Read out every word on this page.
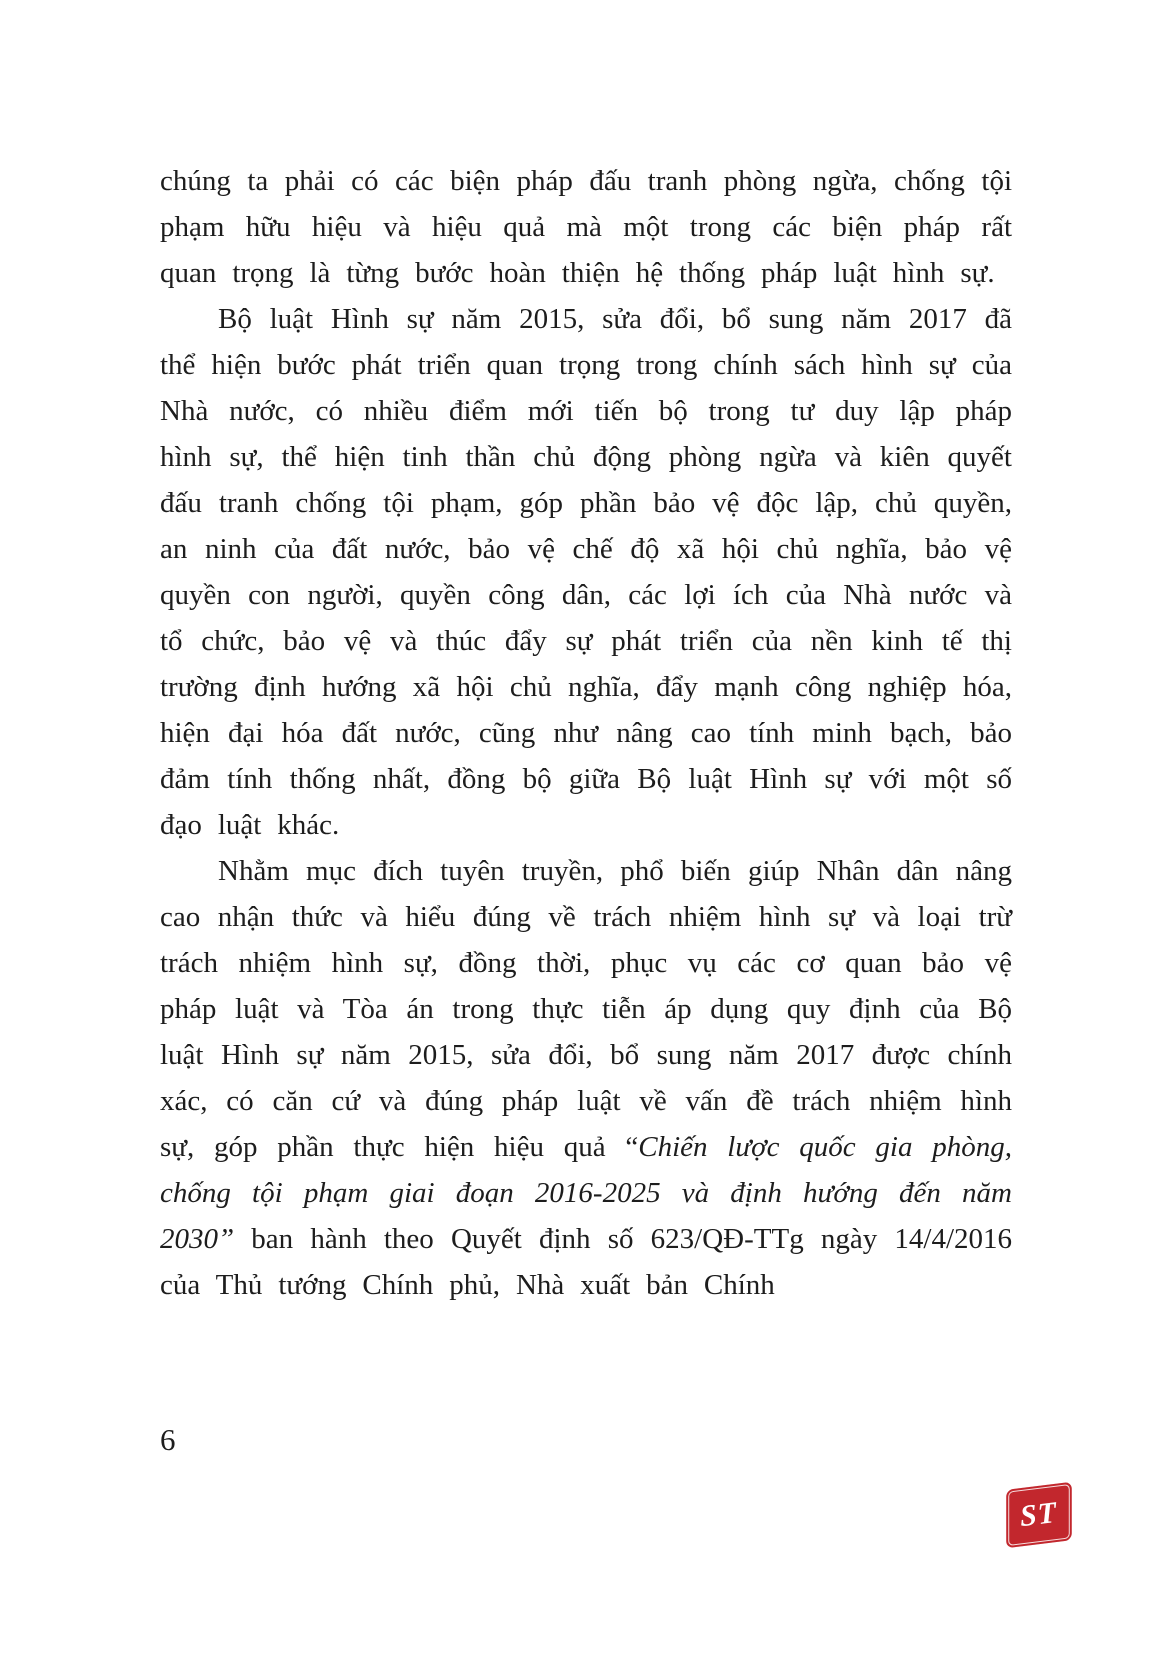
chúng ta phải có các biện pháp đấu tranh phòng ngừa, chống tội phạm hữu hiệu và hiệu quả mà một trong các biện pháp rất quan trọng là từng bước hoàn thiện hệ thống pháp luật hình sự.

Bộ luật Hình sự năm 2015, sửa đổi, bổ sung năm 2017 đã thể hiện bước phát triển quan trọng trong chính sách hình sự của Nhà nước, có nhiều điểm mới tiến bộ trong tư duy lập pháp hình sự, thể hiện tinh thần chủ động phòng ngừa và kiên quyết đấu tranh chống tội phạm, góp phần bảo vệ độc lập, chủ quyền, an ninh của đất nước, bảo vệ chế độ xã hội chủ nghĩa, bảo vệ quyền con người, quyền công dân, các lợi ích của Nhà nước và tổ chức, bảo vệ và thúc đẩy sự phát triển của nền kinh tế thị trường định hướng xã hội chủ nghĩa, đẩy mạnh công nghiệp hóa, hiện đại hóa đất nước, cũng như nâng cao tính minh bạch, bảo đảm tính thống nhất, đồng bộ giữa Bộ luật Hình sự với một số đạo luật khác.

Nhằm mục đích tuyên truyền, phổ biến giúp Nhân dân nâng cao nhận thức và hiểu đúng về trách nhiệm hình sự và loại trừ trách nhiệm hình sự, đồng thời, phục vụ các cơ quan bảo vệ pháp luật và Tòa án trong thực tiễn áp dụng quy định của Bộ luật Hình sự năm 2015, sửa đổi, bổ sung năm 2017 được chính xác, có căn cứ và đúng pháp luật về vấn đề trách nhiệm hình sự, góp phần thực hiện hiệu quả “Chiến lược quốc gia phòng, chống tội phạm giai đoạn 2016-2025 và định hướng đến năm 2030” ban hành theo Quyết định số 623/QĐ-TTg ngày 14/4/2016 của Thủ tướng Chính phủ, Nhà xuất bản Chính

6
ST
